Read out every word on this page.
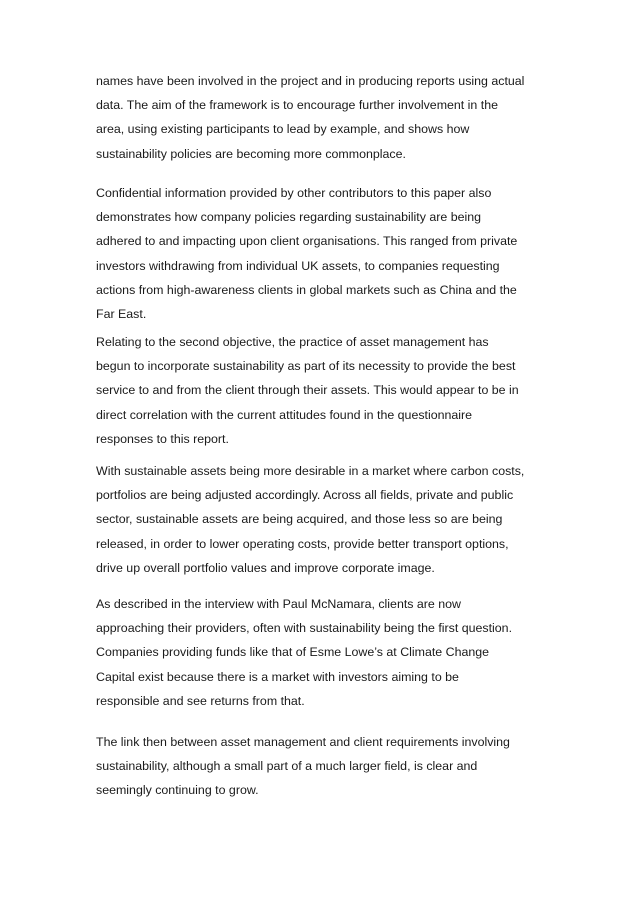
names have been involved in the project and in producing reports using actual
data. The aim of the framework is to encourage further involvement in the
area, using existing participants to lead by example, and shows how
sustainability policies are becoming more commonplace.
Confidential information provided by other contributors to this paper also
demonstrates how company policies regarding sustainability are being
adhered to and impacting upon client organisations. This ranged from private
investors withdrawing from individual UK assets, to companies requesting
actions from high-awareness clients in global markets such as China and the
Far East.
Relating to the second objective, the practice of asset management has
begun to incorporate sustainability as part of its necessity to provide the best
service to and from the client through their assets. This would appear to be in
direct correlation with the current attitudes found in the questionnaire
responses to this report.
With sustainable assets being more desirable in a market where carbon costs,
portfolios are being adjusted accordingly. Across all fields, private and public
sector, sustainable assets are being acquired, and those less so are being
released, in order to lower operating costs, provide better transport options,
drive up overall portfolio values and improve corporate image.
As described in the interview with Paul McNamara, clients are now
approaching their providers, often with sustainability being the first question.
Companies providing funds like that of Esme Lowe’s at Climate Change
Capital exist because there is a market with investors aiming to be
responsible and see returns from that.
The link then between asset management and client requirements involving
sustainability, although a small part of a much larger field, is clear and
seemingly continuing to grow.
